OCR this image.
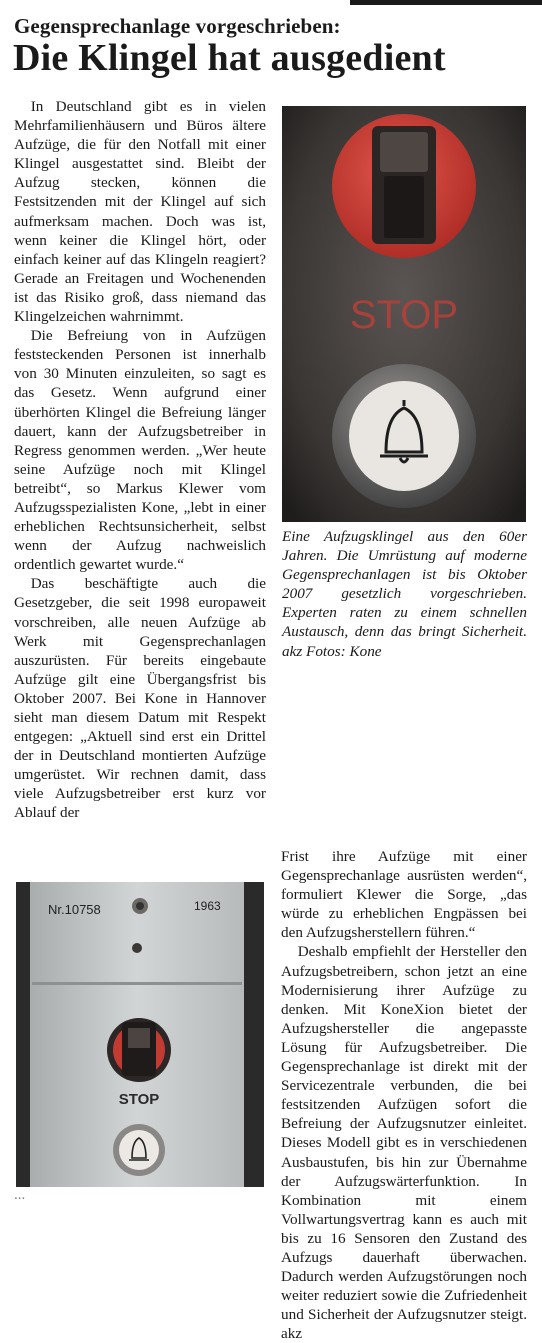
Gegensprechanlage vorgeschrieben:
Die Klingel hat ausgedient

In Deutschland gibt es in vielen Mehrfamilienhäusern und Büros ältere Aufzüge, die für den Notfall mit einer Klingel ausgestattet sind. Bleibt der Aufzug stecken, können die Festsitzenden mit der Klingel auf sich aufmerksam machen. Doch was ist, wenn keiner die Klingel hört, oder einfach keiner auf das Klingeln reagiert? Gerade an Freitagen und Wochenenden ist das Risiko groß, dass niemand das Klingelzeichen wahrnimmt.

Die Befreiung von in Aufzügen feststeckenden Personen ist innerhalb von 30 Minuten einzuleiten, so sagt es das Gesetz. Wenn aufgrund einer überhörten Klingel die Befreiung länger dauert, kann der Aufzugsbetreiber in Regress genommen werden. „Wer heute seine Aufzüge noch mit Klingel betreibt“, so Markus Klewer vom Aufzugsspezialisten Kone, „lebt in einer erheblichen Rechtsunsicherheit, selbst wenn der Aufzug nachweislich ordentlich gewartet wurde.“

Das beschäftigte auch die Gesetzgeber, die seit 1998 europaweit vorschreiben, alle neuen Aufzüge ab Werk mit Gegensprechanlagen auszurüsten. Für bereits eingebaute Aufzüge gilt eine Übergangsfrist bis Oktober 2007. Bei Kone in Hannover sieht man diesem Datum mit Respekt entgegen: „Aktuell sind erst ein Drittel der in Deutschland montierten Aufzüge umgerüstet. Wir rechnen damit, dass viele Aufzugsbetreiber erst kurz vor Ablauf der

STOP
Eine Aufzugsklingel aus den 60er Jahren. Die Umrüstung auf moderne Gegensprechanlagen ist bis Oktober 2007 gesetzlich vorgeschrieben. Experten raten zu einem schnellen Austausch, denn das bringt Sicherheit. akz Fotos: Kone

Frist ihre Aufzüge mit einer Gegensprechanlage ausrüsten werden“, formuliert Klewer die Sorge, „das würde zu erheblichen Engpässen bei den Aufzugsherstellern führen.“

Deshalb empfiehlt der Hersteller den Aufzugsbetreibern, schon jetzt an eine Modernisierung ihrer Aufzüge zu denken. Mit KoneXion bietet der Aufzugshersteller die angepasste Lösung für Aufzugsbetreiber. Die Gegensprechanlage ist direkt mit der Servicezentrale verbunden, die bei festsitzenden Aufzügen sofort die Befreiung der Aufzugsnutzer einleitet. Dieses Modell gibt es in verschiedenen Ausbaustufen, bis hin zur Übernahme der Aufzugswärterfunktion. In Kombination mit einem Vollwartungsvertrag kann es auch mit bis zu 16 Sensoren den Zustand des Aufzugs dauerhaft überwachen. Dadurch werden Aufzugstörungen noch weiter reduziert sowie die Zufriedenheit und Sicherheit der Aufzugsnutzer steigt. akz

Nr.10758	1963
STOP
...
